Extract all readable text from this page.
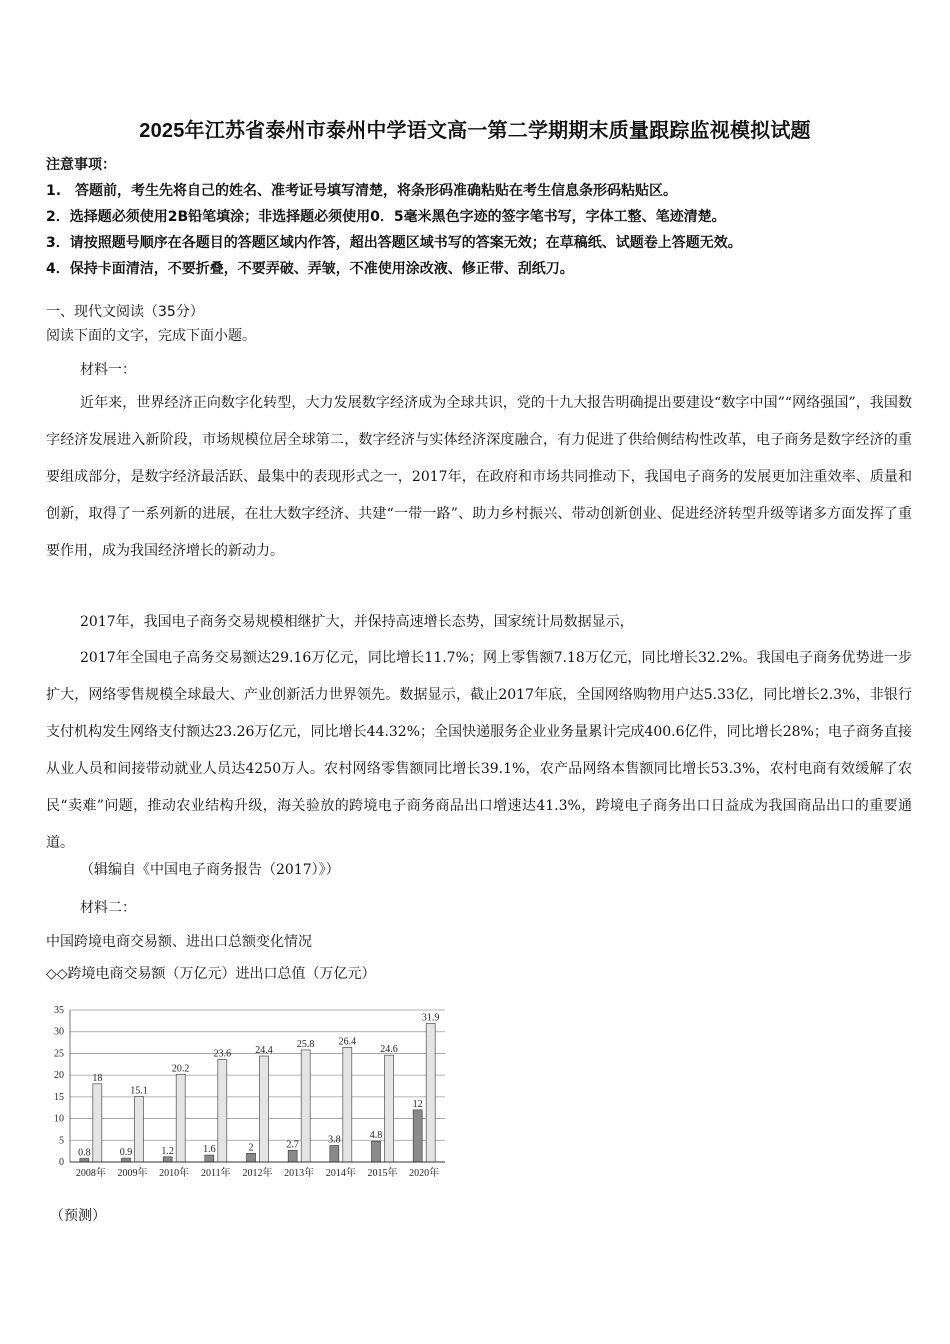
2025年江苏省泰州市泰州中学语文高一第二学期期末质量跟踪监视模拟试题
注意事项：
1.　答题前，考生先将自己的姓名、准考证号填写清楚，将条形码准确粘贴在考生信息条形码粘贴区。
2．选择题必须使用2B铅笔填涂；非选择题必须使用0．5毫米黑色字迹的签字笔书写，字体工整、笔迹清楚。
3．请按照题号顺序在各题目的答题区域内作答，超出答题区域书写的答案无效；在草稿纸、试题卷上答题无效。
4．保持卡面清洁，不要折叠，不要弄破、弄皱，不准使用涂改液、修正带、刮纸刀。
一、现代文阅读（35分）
阅读下面的文字，完成下面小题。
材料一：
近年来，世界经济正向数字化转型，大力发展数字经济成为全球共识，党的十九大报告明确提出要建设“数字中国”“网络强国”，我国数字经济发展进入新阶段，市场规模位居全球第二，数字经济与实体经济深度融合，有力促进了供给侧结构性改革，电子商务是数字经济的重要组成部分，是数字经济最活跃、最集中的表现形式之一，2017年，在政府和市场共同推动下，我国电子商务的发展更加注重效率、质量和创新，取得了一系列新的进展，在壮大数字经济、共建“一带一路”、助力乡村振兴、带动创新创业、促进经济转型升级等诸多方面发挥了重要作用，成为我国经济增长的新动力。
2017年，我国电子商务交易规模相继扩大，并保持高速增长态势，国家统计局数据显示，
2017年全国电子高务交易额达29.16万亿元，同比增长11.7%；网上零售额7.18万亿元，同比增长32.2%。我国电子商务优势进一步扩大，网络零售规模全球最大、产业创新活力世界领先。数据显示，截止2017年底，全国网络购物用户达5.33亿，同比增长2.3%，非银行支付机构发生网络支付额达23.26万亿元，同比增长44.32%；全国快递服务企业业务量累计完成400.6亿件，同比增长28%；电子商务直接从业人员和间接带动就业人员达4250万人。农村网络零售额同比增长39.1%，农产品网络本售额同比增长53.3%，农村电商有效缓解了农民“卖难”问题，推动农业结构升级，海关验放的跨境电子商务商品出口增速达41.3%，跨境电子商务出口日益成为我国商品出口的重要通道。
（辑编自《中国电子商务报告（2017）》）
材料二：
中国跨境电商交易额、进出口总额变化情况
◇◇跨境电商交易额（万亿元）进出口总值（万亿元）
0
5
10
15
20
25
30
35
0.8
18
2008年
0.9
15.1
2009年
1.2
20.2
2010年
1.6
23.6
2011年
2
24.4
2012年
2.7
25.8
2013年
3.8
26.4
2014年
4.8
24.6
2015年
12
31.9
2020年
（预测）
